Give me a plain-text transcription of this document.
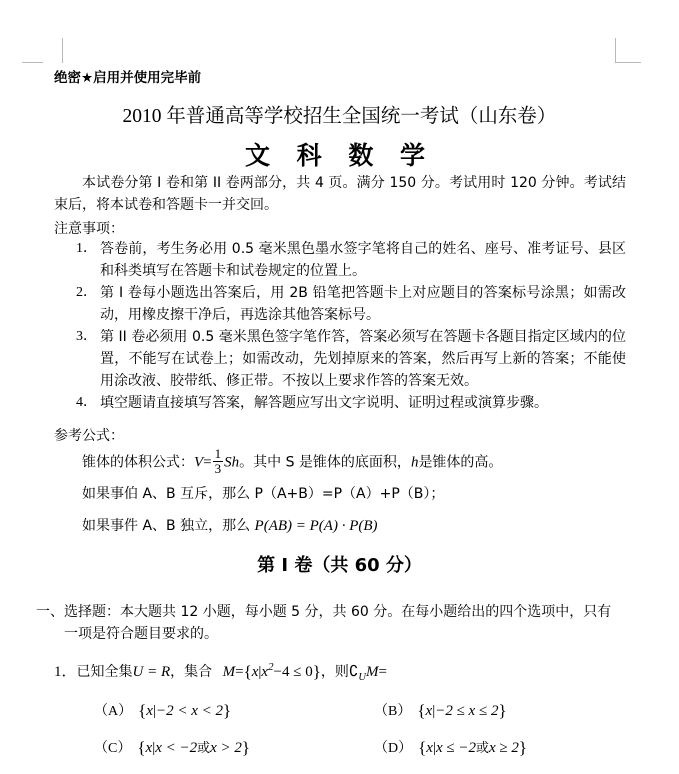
绝密★启用并使用完毕前
2010 年普通高等学校招生全国统一考试（山东卷）
文 科 数 学
本试卷分第 I 卷和第 II 卷两部分，共 4 页。满分 150 分。考试用时 120 分钟。考试结束后，将本试卷和答题卡一并交回。
注意事项：
1． 答卷前，考生务必用 0.5 毫米黑色墨水签字笔将自己的姓名、座号、准考证号、县区和科类填写在答题卡和试卷规定的位置上。
2． 第 I 卷每小题选出答案后，用 2B 铅笔把答题卡上对应题目的答案标号涂黑；如需改动，用橡皮擦干净后，再选涂其他答案标号。
3． 第 II 卷必须用 0.5 毫米黑色签字笔作答，答案必须写在答题卡各题目指定区域内的位置，不能写在试卷上；如需改动，先划掉原来的答案，然后再写上新的答案；不能使用涂改液、胶带纸、修正带。不按以上要求作答的答案无效。
4． 填空题请直接填写答案，解答题应写出文字说明、证明过程或演算步骤。
参考公式：
锥体的体积公式：$V= \frac{1}{3}$ Sh。其中 S 是锥体的底面积，h是锥体的高。
如果事伯 A、B 互斥，那么 P（A+B）=P（A）+P（B）；
如果事件 A、B 独立，那么 P(AB) = P(A) · P(B)
第 I 卷（共 60 分）
一、选择题：本大题共 12 小题，每小题 5 分，共 60 分。在每小题给出的四个选项中，只有
一项是符合题目要求的。
1．已知全集U = R，集合 $M=\{x|x^2-4 \le 0\}$，则$∁_UM=$
（A） {x|−2 < x < 2}	（B） {x|−2 ≤ x ≤ 2}
（C） {x|x < −2或x > 2}	（D） {x|x ≤ −2或x ≥ 2}
